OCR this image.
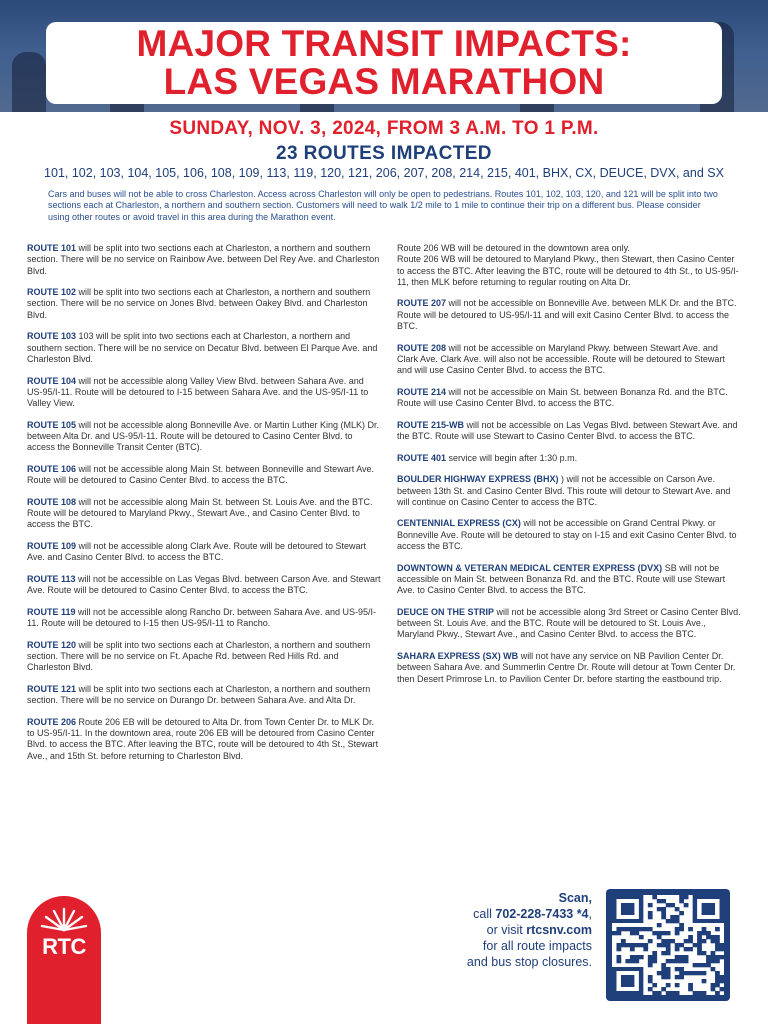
MAJOR TRANSIT IMPACTS:
LAS VEGAS MARATHON
SUNDAY, NOV. 3, 2024, FROM 3 A.M. TO 1 P.M.
23 ROUTES IMPACTED
101, 102, 103, 104, 105, 106, 108, 109, 113, 119, 120, 121, 206, 207, 208, 214, 215, 401, BHX, CX, DEUCE, DVX, and SX
Cars and buses will not be able to cross Charleston. Access across Charleston will only be open to pedestrians. Routes 101, 102, 103, 120, and 121 will be split into two sections each at Charleston, a northern and southern section. Customers will need to walk 1/2 mile to 1 mile to continue their trip on a different bus. Please consider using other routes or avoid travel in this area during the Marathon event.
ROUTE 101 will be split into two sections each at Charleston, a northern and southern section. There will be no service on Rainbow Ave. between Del Rey Ave. and Charleston Blvd.
ROUTE 102 will be split into two sections each at Charleston, a northern and southern section. There will be no service on Jones Blvd. between Oakey Blvd. and Charleston Blvd.
ROUTE 103 103 will be split into two sections each at Charleston, a northern and southern section. There will be no service on Decatur Blvd. between El Parque Ave. and Charleston Blvd.
ROUTE 104 will not be accessible along Valley View Blvd. between Sahara Ave. and US-95/I-11. Route will be detoured to I-15 between Sahara Ave. and the US-95/I-11 to Valley View.
ROUTE 105 will not be accessible along Bonneville Ave. or Martin Luther King (MLK) Dr. between Alta Dr. and US-95/I-11. Route will be detoured to Casino Center Blvd. to access the Bonneville Transit Center (BTC).
ROUTE 106 will not be accessible along Main St. between Bonneville and Stewart Ave. Route will be detoured to Casino Center Blvd. to access the BTC.
ROUTE 108 will not be accessible along Main St. between St. Louis Ave. and the BTC. Route will be detoured to Maryland Pkwy., Stewart Ave., and Casino Center Blvd. to access the BTC.
ROUTE 109 will not be accessible along Clark Ave. Route will be detoured to Stewart Ave. and Casino Center Blvd. to access the BTC.
ROUTE 113 will not be accessible on Las Vegas Blvd. between Carson Ave. and Stewart Ave. Route will be detoured to Casino Center Blvd. to access the BTC.
ROUTE 119 will not be accessible along Rancho Dr. between Sahara Ave. and US-95/I-11. Route will be detoured to I-15 then US-95/I-11 to Rancho.
ROUTE 120 will be split into two sections each at Charleston, a northern and southern section. There will be no service on Ft. Apache Rd. between Red Hills Rd. and Charleston Blvd.
ROUTE 121 will be split into two sections each at Charleston, a northern and southern section. There will be no service on Durango Dr. between Sahara Ave. and Alta Dr.
ROUTE 206 Route 206 EB will be detoured to Alta Dr. from Town Center Dr. to MLK Dr. to US-95/I-11. In the downtown area, route 206 EB will be detoured from Casino Center Blvd. to access the BTC. After leaving the BTC, route will be detoured to 4th St., Stewart Ave., and 15th St. before returning to Charleston Blvd.
Route 206 WB will be detoured in the downtown area only.
Route 206 WB will be detoured to Maryland Pkwy., then Stewart, then Casino Center to access the BTC. After leaving the BTC, route will be detoured to 4th St., to US-95/I-11, then MLK before returning to regular routing on Alta Dr.
ROUTE 207 will not be accessible on Bonneville Ave. between MLK Dr. and the BTC. Route will be detoured to US-95/I-11 and will exit Casino Center Blvd. to access the BTC.
ROUTE 208 will not be accessible on Maryland Pkwy. between Stewart Ave. and Clark Ave. Clark Ave. will also not be accessible. Route will be detoured to Stewart and will use Casino Center Blvd. to access the BTC.
ROUTE 214 will not be accessible on Main St. between Bonanza Rd. and the BTC. Route will use Casino Center Blvd. to access the BTC.
ROUTE 215-WB will not be accessible on Las Vegas Blvd. between Stewart Ave. and the BTC. Route will use Stewart to Casino Center Blvd. to access the BTC.
ROUTE 401 service will begin after 1:30 p.m.
BOULDER HIGHWAY EXPRESS (BHX) ) will not be accessible on Carson Ave. between 13th St. and Casino Center Blvd. This route will detour to Stewart Ave. and will continue on Casino Center to access the BTC.
CENTENNIAL EXPRESS (CX) will not be accessible on Grand Central Pkwy. or Bonneville Ave. Route will be detoured to stay on I-15 and exit Casino Center Blvd. to access the BTC.
DOWNTOWN & VETERAN MEDICAL CENTER EXPRESS (DVX) SB will not be accessible on Main St. between Bonanza Rd. and the BTC. Route will use Stewart Ave. to Casino Center Blvd. to access the BTC.
DEUCE ON THE STRIP will not be accessible along 3rd Street or Casino Center Blvd. between St. Louis Ave. and the BTC. Route will be detoured to St. Louis Ave., Maryland Pkwy., Stewart Ave., and Casino Center Blvd. to access the BTC.
SAHARA EXPRESS (SX) WB will not have any service on NB Pavilion Center Dr. between Sahara Ave. and Summerlin Centre Dr. Route will detour at Town Center Dr. then Desert Primrose Ln. to Pavilion Center Dr. before starting the eastbound trip.
RTC
Scan,
call 702-228-7433 *4,
or visit rtcsnv.com
for all route impacts
and bus stop closures.
